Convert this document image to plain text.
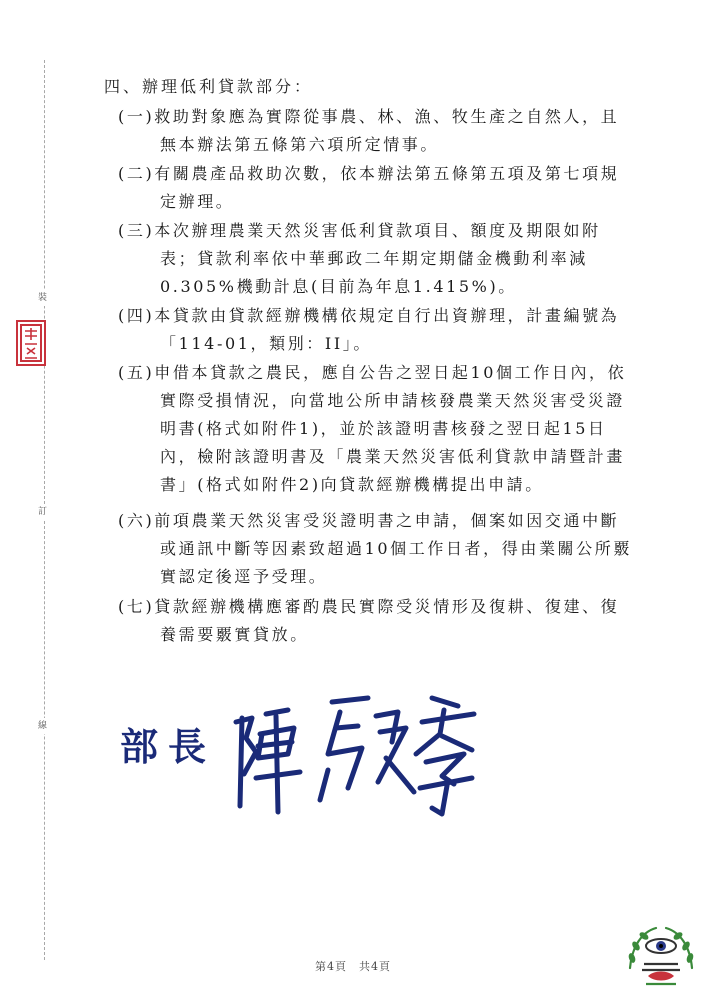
裝
訂
線
四、辦理低利貸款部分：
(一)救助對象應為實際從事農、林、漁、牧生產之自然人，且
無本辦法第五條第六項所定情事。
(二)有關農產品救助次數，依本辦法第五條第五項及第七項規
定辦理。
(三)本次辦理農業天然災害低利貸款項目、額度及期限如附
表；貸款利率依中華郵政二年期定期儲金機動利率減
0.305%機動計息(目前為年息1.415%)。
(四)本貸款由貸款經辦機構依規定自行出資辦理，計畫編號為
「114-01，類別：II」。
(五)申借本貸款之農民，應自公告之翌日起10個工作日內，依
實際受損情況，向當地公所申請核發農業天然災害受災證
明書(格式如附件1)，並於該證明書核發之翌日起15日
內，檢附該證明書及「農業天然災害低利貸款申請暨計畫
書」(格式如附件2)向貸款經辦機構提出申請。
(六)前項農業天然災害受災證明書之申請，個案如因交通中斷
或通訊中斷等因素致超過10個工作日者，得由業關公所覈
實認定後逕予受理。
(七)貸款經辦機構應審酌農民實際受災情形及復耕、復建、復
養需要覈實貸放。
部長
第4頁　共4頁
